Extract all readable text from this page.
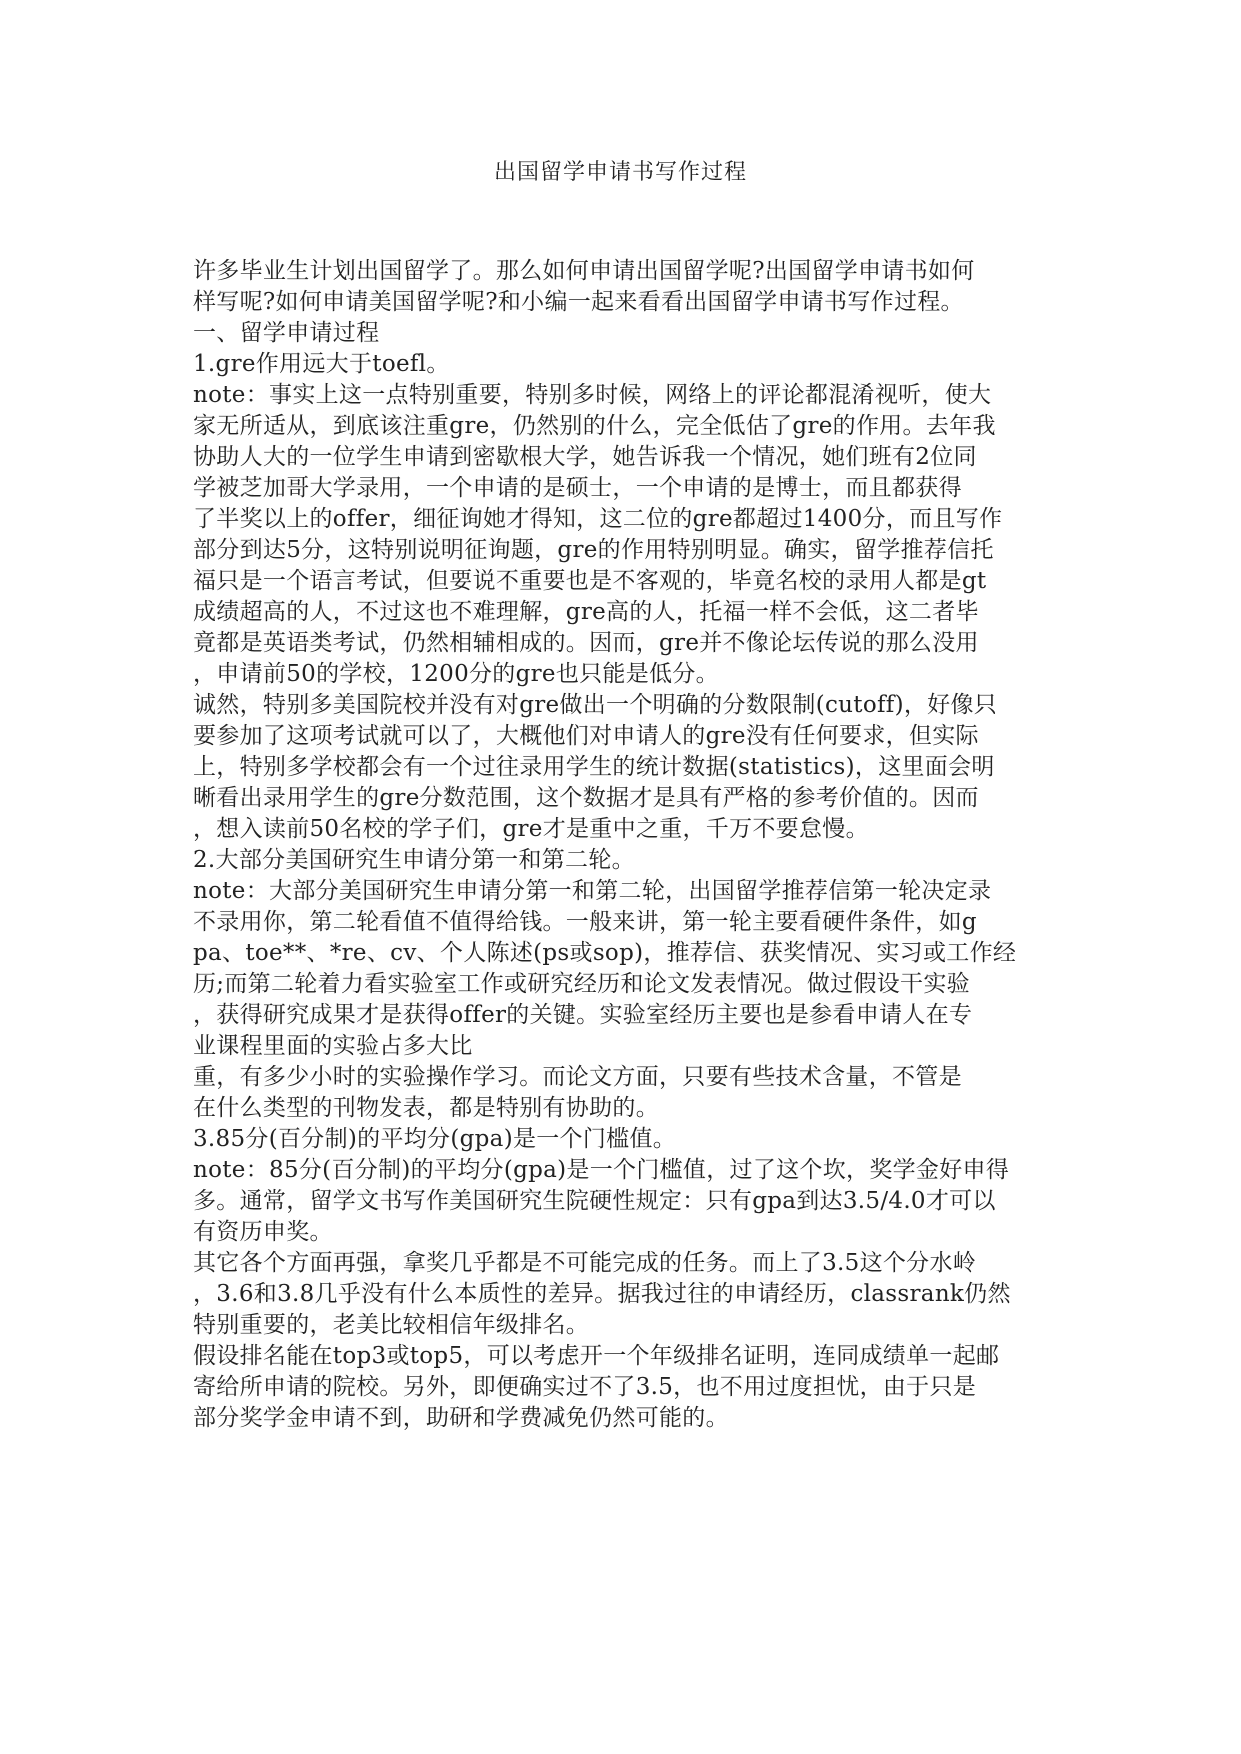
出国留学申请书写作过程
许多毕业生计划出国留学了。那么如何申请出国留学呢?出国留学申请书如何
样写呢?如何申请美国留学呢?和小编一起来看看出国留学申请书写作过程。
一、留学申请过程
1.gre作用远大于toefl。
note：事实上这一点特别重要，特别多时候，网络上的评论都混淆视听，使大
家无所适从，到底该注重gre，仍然别的什么，完全低估了gre的作用。去年我
协助人大的一位学生申请到密歇根大学，她告诉我一个情况，她们班有2位同
学被芝加哥大学录用，一个申请的是硕士，一个申请的是博士，而且都获得
了半奖以上的offer，细征询她才得知，这二位的gre都超过1400分，而且写作
部分到达5分，这特别说明征询题，gre的作用特别明显。确实，留学推荐信托
福只是一个语言考试，但要说不重要也是不客观的，毕竟名校的录用人都是gt
成绩超高的人，不过这也不难理解，gre高的人，托福一样不会低，这二者毕
竟都是英语类考试，仍然相辅相成的。因而，gre并不像论坛传说的那么没用
，申请前50的学校，1200分的gre也只能是低分。
诚然，特别多美国院校并没有对gre做出一个明确的分数限制(cutoff)，好像只
要参加了这项考试就可以了，大概他们对申请人的gre没有任何要求，但实际
上，特别多学校都会有一个过往录用学生的统计数据(statistics)，这里面会明
晰看出录用学生的gre分数范围，这个数据才是具有严格的参考价值的。因而
，想入读前50名校的学子们，gre才是重中之重，千万不要怠慢。
2.大部分美国研究生申请分第一和第二轮。
note：大部分美国研究生申请分第一和第二轮，出国留学推荐信第一轮决定录
不录用你，第二轮看值不值得给钱。一般来讲，第一轮主要看硬件条件，如g
pa、toe**、*re、cv、个人陈述(ps或sop)，推荐信、获奖情况、实习或工作经
历;而第二轮着力看实验室工作或研究经历和论文发表情况。做过假设干实验
，获得研究成果才是获得offer的关键。实验室经历主要也是参看申请人在专
业课程里面的实验占多大比
重，有多少小时的实验操作学习。而论文方面，只要有些技术含量，不管是
在什么类型的刊物发表，都是特别有协助的。
3.85分(百分制)的平均分(gpa)是一个门槛值。
note：85分(百分制)的平均分(gpa)是一个门槛值，过了这个坎，奖学金好申得
多。通常，留学文书写作美国研究生院硬性规定：只有gpa到达3.5/4.0才可以
有资历申奖。
其它各个方面再强，拿奖几乎都是不可能完成的任务。而上了3.5这个分水岭
，3.6和3.8几乎没有什么本质性的差异。据我过往的申请经历，classrank仍然
特别重要的，老美比较相信年级排名。
假设排名能在top3或top5，可以考虑开一个年级排名证明，连同成绩单一起邮
寄给所申请的院校。另外，即便确实过不了3.5，也不用过度担忧，由于只是
部分奖学金申请不到，助研和学费减免仍然可能的。
